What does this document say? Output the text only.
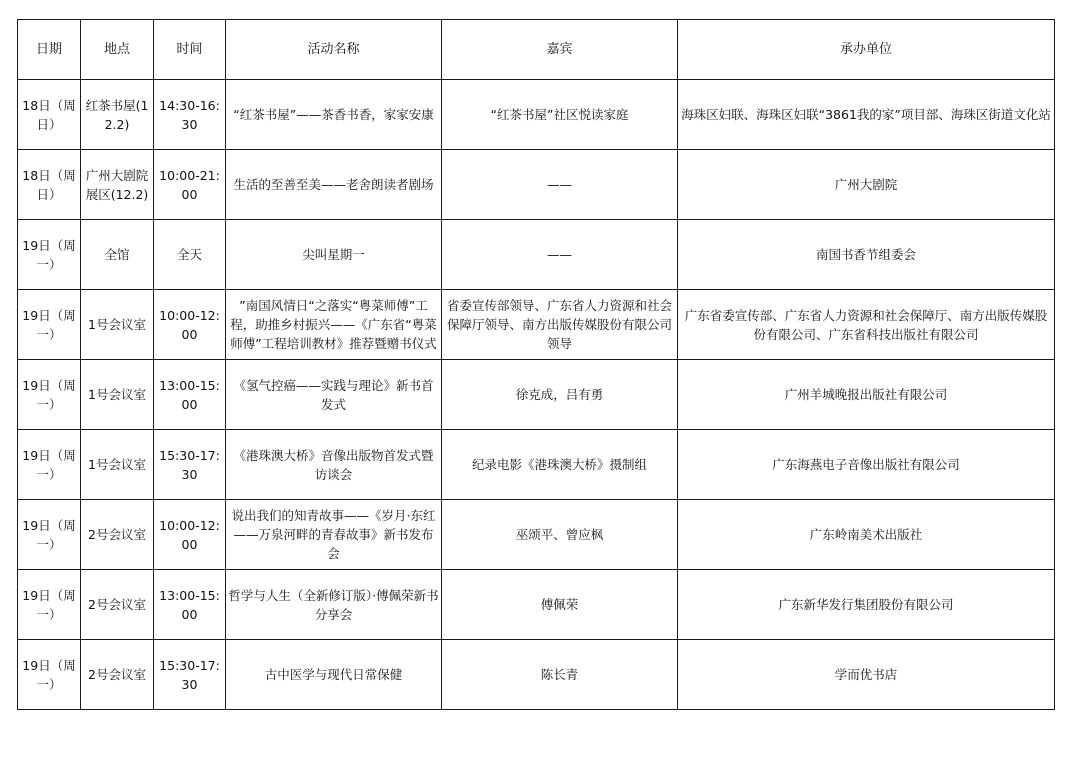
日期	地点	时间	活动名称	嘉宾	承办单位
18日（周日）	红茶书屋(12.2)	14:30-16:30	“红茶书屋”——茶香书香，家家安康	“红茶书屋”社区悦读家庭	海珠区妇联、海珠区妇联“3861我的家”项目部、海珠区街道文化站
18日（周日）	广州大剧院展区(12.2)	10:00-21:00	生活的至善至美——老舍朗读者剧场	——	广州大剧院
19日（周一）	全馆	全天	尖叫星期一	——	南国书香节组委会
19日（周一）	1号会议室	10:00-12:00	”南国风情日“之落实“粤菜师傅”工程，助推乡村振兴——《广东省“粤菜师傅”工程培训教材》推荐暨赠书仪式	省委宣传部领导、广东省人力资源和社会保障厅领导、南方出版传媒股份有限公司领导	广东省委宣传部、广东省人力资源和社会保障厅、南方出版传媒股份有限公司、广东省科技出版社有限公司
19日（周一）	1号会议室	13:00-15:00	《氢气控癌——实践与理论》新书首发式	徐克成，吕有勇	广州羊城晚报出版社有限公司
19日（周一）	1号会议室	15:30-17:30	《港珠澳大桥》音像出版物首发式暨访谈会	纪录电影《港珠澳大桥》摄制组	广东海燕电子音像出版社有限公司
19日（周一）	2号会议室	10:00-12:00	说出我们的知青故事——《岁月·东红——万泉河畔的青春故事》新书发布会	巫颂平、曾应枫	广东岭南美术出版社
19日（周一）	2号会议室	13:00-15:00	哲学与人生（全新修订版）·傅佩荣新书分享会	傅佩荣	广东新华发行集团股份有限公司
19日（周一）	2号会议室	15:30-17:30	古中医学与现代日常保健	陈长青	学而优书店
